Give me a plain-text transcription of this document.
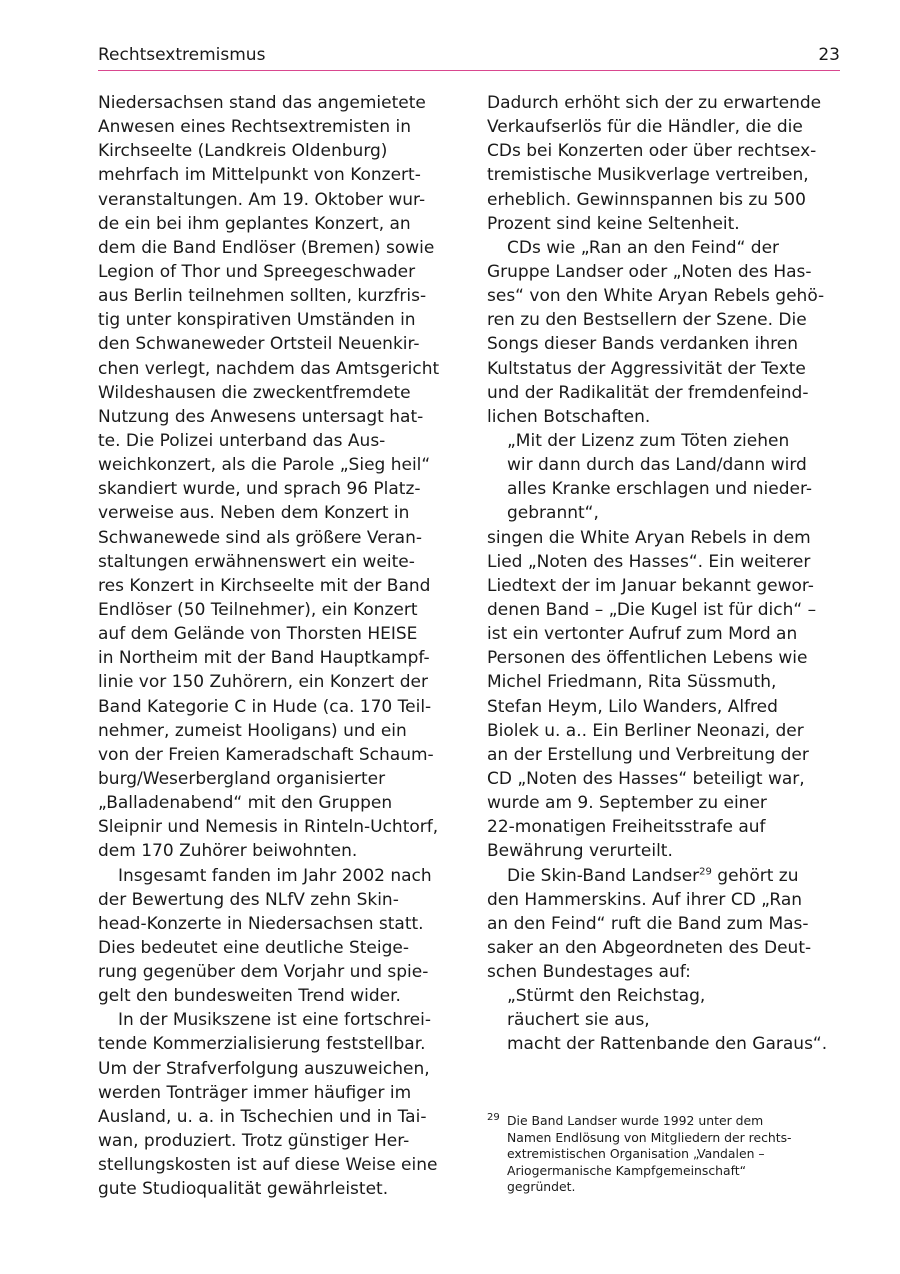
Rechtsextremismus	23
Niedersachsen stand das angemietete
Anwesen eines Rechtsextremisten in
Kirchseelte (Landkreis Oldenburg)
mehrfach im Mittelpunkt von Konzert-
veranstaltungen. Am 19. Oktober wur-
de ein bei ihm geplantes Konzert, an
dem die Band Endlöser (Bremen) sowie
Legion of Thor und Spreegeschwader
aus Berlin teilnehmen sollten, kurzfris-
tig unter konspirativen Umständen in
den Schwaneweder Ortsteil Neuenkir-
chen verlegt, nachdem das Amtsgericht
Wildeshausen die zweckentfremdete
Nutzung des Anwesens untersagt hat-
te. Die Polizei unterband das Aus-
weichkonzert, als die Parole „Sieg heil“
skandiert wurde, und sprach 96 Platz-
verweise aus. Neben dem Konzert in
Schwanewede sind als größere Veran-
staltungen erwähnenswert ein weite-
res Konzert in Kirchseelte mit der Band
Endlöser (50 Teilnehmer), ein Konzert
auf dem Gelände von Thorsten HEISE
in Northeim mit der Band Hauptkampf-
linie vor 150 Zuhörern, ein Konzert der
Band Kategorie C in Hude (ca. 170 Teil-
nehmer, zumeist Hooligans) und ein
von der Freien Kameradschaft Schaum-
burg/Weserbergland organisierter
„Balladenabend“ mit den Gruppen
Sleipnir und Nemesis in Rinteln-Uchtorf,
dem 170 Zuhörer beiwohnten.
Insgesamt fanden im Jahr 2002 nach
der Bewertung des NLfV zehn Skin-
head-Konzerte in Niedersachsen statt.
Dies bedeutet eine deutliche Steige-
rung gegenüber dem Vorjahr und spie-
gelt den bundesweiten Trend wider.
In der Musikszene ist eine fortschrei-
tende Kommerzialisierung feststellbar.
Um der Strafverfolgung auszuweichen,
werden Tonträger immer häufiger im
Ausland, u. a. in Tschechien und in Tai-
wan, produziert. Trotz günstiger Her-
stellungskosten ist auf diese Weise eine
gute Studioqualität gewährleistet.
Dadurch erhöht sich der zu erwartende
Verkaufserlös für die Händler, die die
CDs bei Konzerten oder über rechtsex-
tremistische Musikverlage vertreiben,
erheblich. Gewinnspannen bis zu 500
Prozent sind keine Seltenheit.
CDs wie „Ran an den Feind“ der
Gruppe Landser oder „Noten des Has-
ses“ von den White Aryan Rebels gehö-
ren zu den Bestsellern der Szene. Die
Songs dieser Bands verdanken ihren
Kultstatus der Aggressivität der Texte
und der Radikalität der fremdenfeind-
lichen Botschaften.
„Mit der Lizenz zum Töten ziehen
wir dann durch das Land/dann wird
alles Kranke erschlagen und nieder-
gebrannt“,
singen die White Aryan Rebels in dem
Lied „Noten des Hasses“. Ein weiterer
Liedtext der im Januar bekannt gewor-
denen Band – „Die Kugel ist für dich“ –
ist ein vertonter Aufruf zum Mord an
Personen des öffentlichen Lebens wie
Michel Friedmann, Rita Süssmuth,
Stefan Heym, Lilo Wanders, Alfred
Biolek u. a.. Ein Berliner Neonazi, der
an der Erstellung und Verbreitung der
CD „Noten des Hasses“ beteiligt war,
wurde am 9. September zu einer
22-monatigen Freiheitsstrafe auf
Bewährung verurteilt.
Die Skin-Band Landser$^{29}$ gehört zu
den Hammerskins. Auf ihrer CD „Ran
an den Feind“ ruft die Band zum Mas-
saker an den Abgeordneten des Deut-
schen Bundestages auf:
„Stürmt den Reichstag,
räuchert sie aus,
macht der Rattenbande den Garaus“.
29 Die Band Landser wurde 1992 unter dem
Namen Endlösung von Mitgliedern der rechts-
extremistischen Organisation „Vandalen –
Ariogermanische Kampfgemeinschaft“
gegründet.
